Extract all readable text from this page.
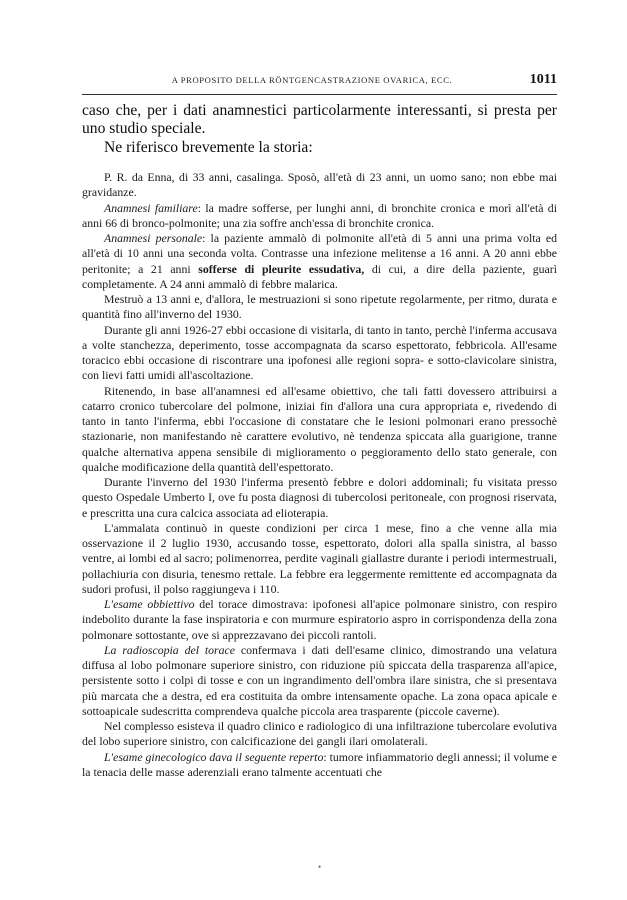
A PROPOSITO DELLA RÖNTGENCASTRAZIONE OVARICA, ECC.	1011

caso che, per i dati anamnestici particolarmente interessanti, si presta per uno studio speciale.

Ne riferisco brevemente la storia:

P. R. da Enna, di 33 anni, casalinga. Sposò, all'età di 23 anni, un uomo sano; non ebbe mai gravidanze.

Anamnesi familiare: la madre sofferse, per lunghi anni, di bronchite cronica e morì all'età di anni 66 di bronco-polmonite; una zia soffre anch'essa di bronchite cronica.

Anamnesi personale: la paziente ammalò di polmonite all'età di 5 anni una prima volta ed all'età di 10 anni una seconda volta. Contrasse una infezione melitense a 16 anni. A 20 anni ebbe peritonite; a 21 anni sofferse di pleurite essudativa, di cui, a dire della paziente, guarì completamente. A 24 anni ammalò di febbre malarica.

Mestruò a 13 anni e, d'allora, le mestruazioni si sono ripetute regolarmente, per ritmo, durata e quantità fino all'inverno del 1930.

Durante gli anni 1926-27 ebbi occasione di visitarla, di tanto in tanto, perchè l'inferma accusava a volte stanchezza, deperimento, tosse accompagnata da scarso espettorato, febbricola. All'esame toracico ebbi occasione di riscontrare una ipofonesi alle regioni sopra- e sotto-clavicolare sinistra, con lievi fatti umidi all'ascoltazione.

Ritenendo, in base all'anamnesi ed all'esame obiettivo, che tali fatti dovessero attribuirsi a catarro cronico tubercolare del polmone, iniziai fin d'allora una cura appropriata e, rivedendo di tanto in tanto l'inferma, ebbi l'occasione di constatare che le lesioni polmonari erano pressochè stazionarie, non manifestando nè carattere evolutivo, nè tendenza spiccata alla guarigione, tranne qualche alternativa appena sensibile di miglioramento o peggioramento dello stato generale, con qualche modificazione della quantità dell'espettorato.

Durante l'inverno del 1930 l'inferma presentò febbre e dolori addominali; fu visitata presso questo Ospedale Umberto I, ove fu posta diagnosi di tubercolosi peritoneale, con prognosi riservata, e prescritta una cura calcica associata ad elioterapia.

L'ammalata continuò in queste condizioni per circa 1 mese, fino a che venne alla mia osservazione il 2 luglio 1930, accusando tosse, espettorato, dolori alla spalla sinistra, al basso ventre, ai lombi ed al sacro; polimenorrea, perdite vaginali giallastre durante i periodi intermestruali, pollachiuria con disuria, tenesmo rettale. La febbre era leggermente remittente ed accompagnata da sudori profusi, il polso raggiungeva i 110.

L'esame obbiettivo del torace dimostrava: ipofonesi all'apice polmonare sinistro, con respiro indebolito durante la fase inspiratoria e con murmure espiratorio aspro in corrispondenza della zona polmonare sottostante, ove si apprezzavano dei piccoli rantoli.

La radioscopia del torace confermava i dati dell'esame clinico, dimostrando una velatura diffusa al lobo polmonare superiore sinistro, con riduzione più spiccata della trasparenza all'apice, persistente sotto i colpi di tosse e con un ingrandimento dell'ombra ilare sinistra, che si presentava più marcata che a destra, ed era costituita da ombre intensamente opache. La zona opaca apicale e sottoapicale sudescritta comprendeva qualche piccola area trasparente (piccole caverne).

Nel complesso esisteva il quadro clinico e radiologico di una infiltrazione tubercolare evolutiva del lobo superiore sinistro, con calcificazione dei gangli ilari omolaterali.

L'esame ginecologico dava il seguente reperto: tumore infiammatorio degli annessi; il volume e la tenacia delle masse aderenziali erano talmente accentuati che

•
